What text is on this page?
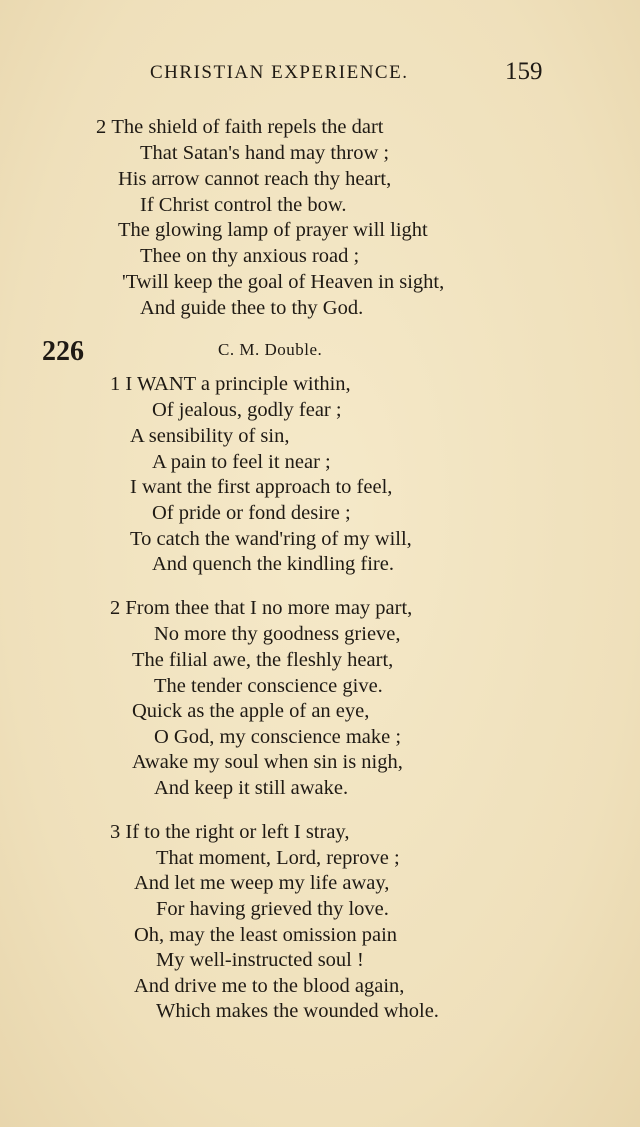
CHRISTIAN EXPERIENCE.	159
2 The shield of faith repels the dart
That Satan's hand may throw ;
His arrow cannot reach thy heart,
If Christ control the bow.
The glowing lamp of prayer will light
Thee on thy anxious road ;
'Twill keep the goal of Heaven in sight,
And guide thee to thy God.
226	C. M. Double.
1 I WANT a principle within,
Of jealous, godly fear ;
A sensibility of sin,
A pain to feel it near ;
I want the first approach to feel,
Of pride or fond desire ;
To catch the wand'ring of my will,
And quench the kindling fire.
2 From thee that I no more may part,
No more thy goodness grieve,
The filial awe, the fleshly heart,
The tender conscience give.
Quick as the apple of an eye,
O God, my conscience make ;
Awake my soul when sin is nigh,
And keep it still awake.
3 If to the right or left I stray,
That moment, Lord, reprove ;
And let me weep my life away,
For having grieved thy love.
Oh, may the least omission pain
My well-instructed soul !
And drive me to the blood again,
Which makes the wounded whole.
